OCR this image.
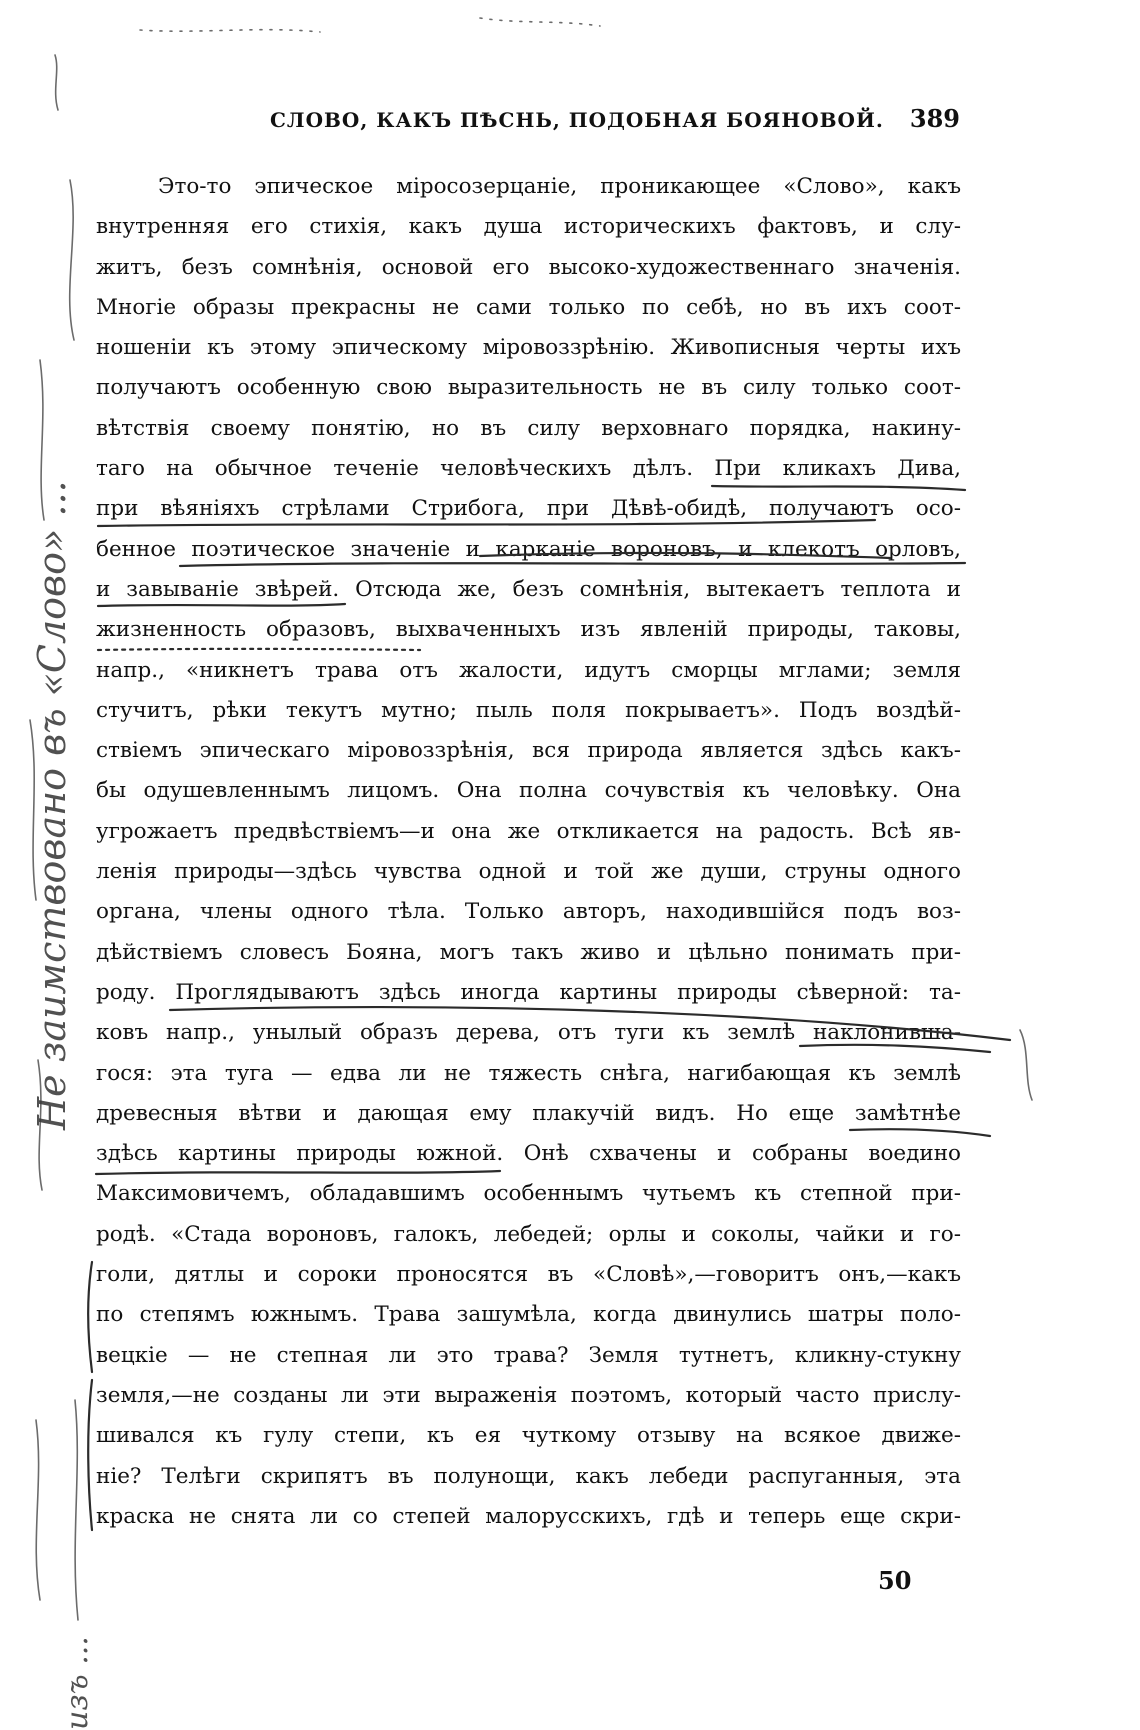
СЛОВО, КАКЪ ПѢСНЬ, ПОДОБНАЯ БОЯНОВОЙ. 389
Это-то эпическое міросозерцаніе, проникающее «Слово», какъ
внутренняя его стихія, какъ душа историческихъ фактовъ, и слу-
житъ, безъ сомнѣнія, основой его высоко-художественнаго значенія.
Многіе образы прекрасны не сами только по себѣ, но въ ихъ соот-
ношеніи къ этому эпическому міровоззрѣнію. Живописныя черты ихъ
получаютъ особенную свою выразительность не въ силу только соот-
вѣтствія своему понятію, но въ силу верховнаго порядка, накину-
таго на обычное теченіе человѣческихъ дѣлъ. При кликахъ Дива,
при вѣяніяхъ стрѣлами Стрибога, при Дѣвѣ-обидѣ, получаютъ осо-
бенное поэтическое значеніе и карканіе вороновъ, и клекотъ орловъ,
и завываніе звѣрей. Отсюда же, безъ сомнѣнія, вытекаетъ теплота и
жизненность образовъ, выхваченныхъ изъ явленій природы, таковы,
напр., «никнетъ трава отъ жалости, идутъ сморцы мглами; земля
стучитъ, рѣки текутъ мутно; пыль поля покрываетъ». Подъ воздѣй-
ствіемъ эпическаго міровоззрѣнія, вся природа является здѣсь какъ-
бы одушевленнымъ лицомъ. Она полна сочувствія къ человѣку. Она
угрожаетъ предвѣствіемъ—и она же откликается на радость. Всѣ яв-
ленія природы—здѣсь чувства одной и той же души, струны одного
органа, члены одного тѣла. Только авторъ, находившійся подъ воз-
дѣйствіемъ словесъ Бояна, могъ такъ живо и цѣльно понимать при-
роду. Проглядываютъ здѣсь иногда картины природы сѣверной: та-
ковъ напр., унылый образъ дерева, отъ туги къ землѣ наклонивша-
гося: эта туга — едва ли не тяжесть снѣга, нагибающая къ землѣ
древесныя вѣтви и дающая ему плакучій видъ. Но еще замѣтнѣе
здѣсь картины природы южной. Онѣ схвачены и собраны воедино
Максимовичемъ, обладавшимъ особеннымъ чутьемъ къ степной при-
родѣ. «Стада вороновъ, галокъ, лебедей; орлы и соколы, чайки и го-
голи, дятлы и сороки проносятся въ «Словѣ»,—говоритъ онъ,—какъ
по степямъ южнымъ. Трава зашумѣла, когда двинулись шатры поло-
вецкіе — не степная ли это трава? Земля тутнетъ, кликну-стукну
земля,—не созданы ли эти выраженія поэтомъ, который часто прислу-
шивался къ гулу степи, къ ея чуткому отзыву на всякое движе-
ніе? Телѣги скрипятъ въ полунощи, какъ лебеди распуганныя, эта
краска не снята ли со степей малорусскихъ, гдѣ и теперь еще скри-
50
Не заимствовано въ «Слово» ...
изъ ...
